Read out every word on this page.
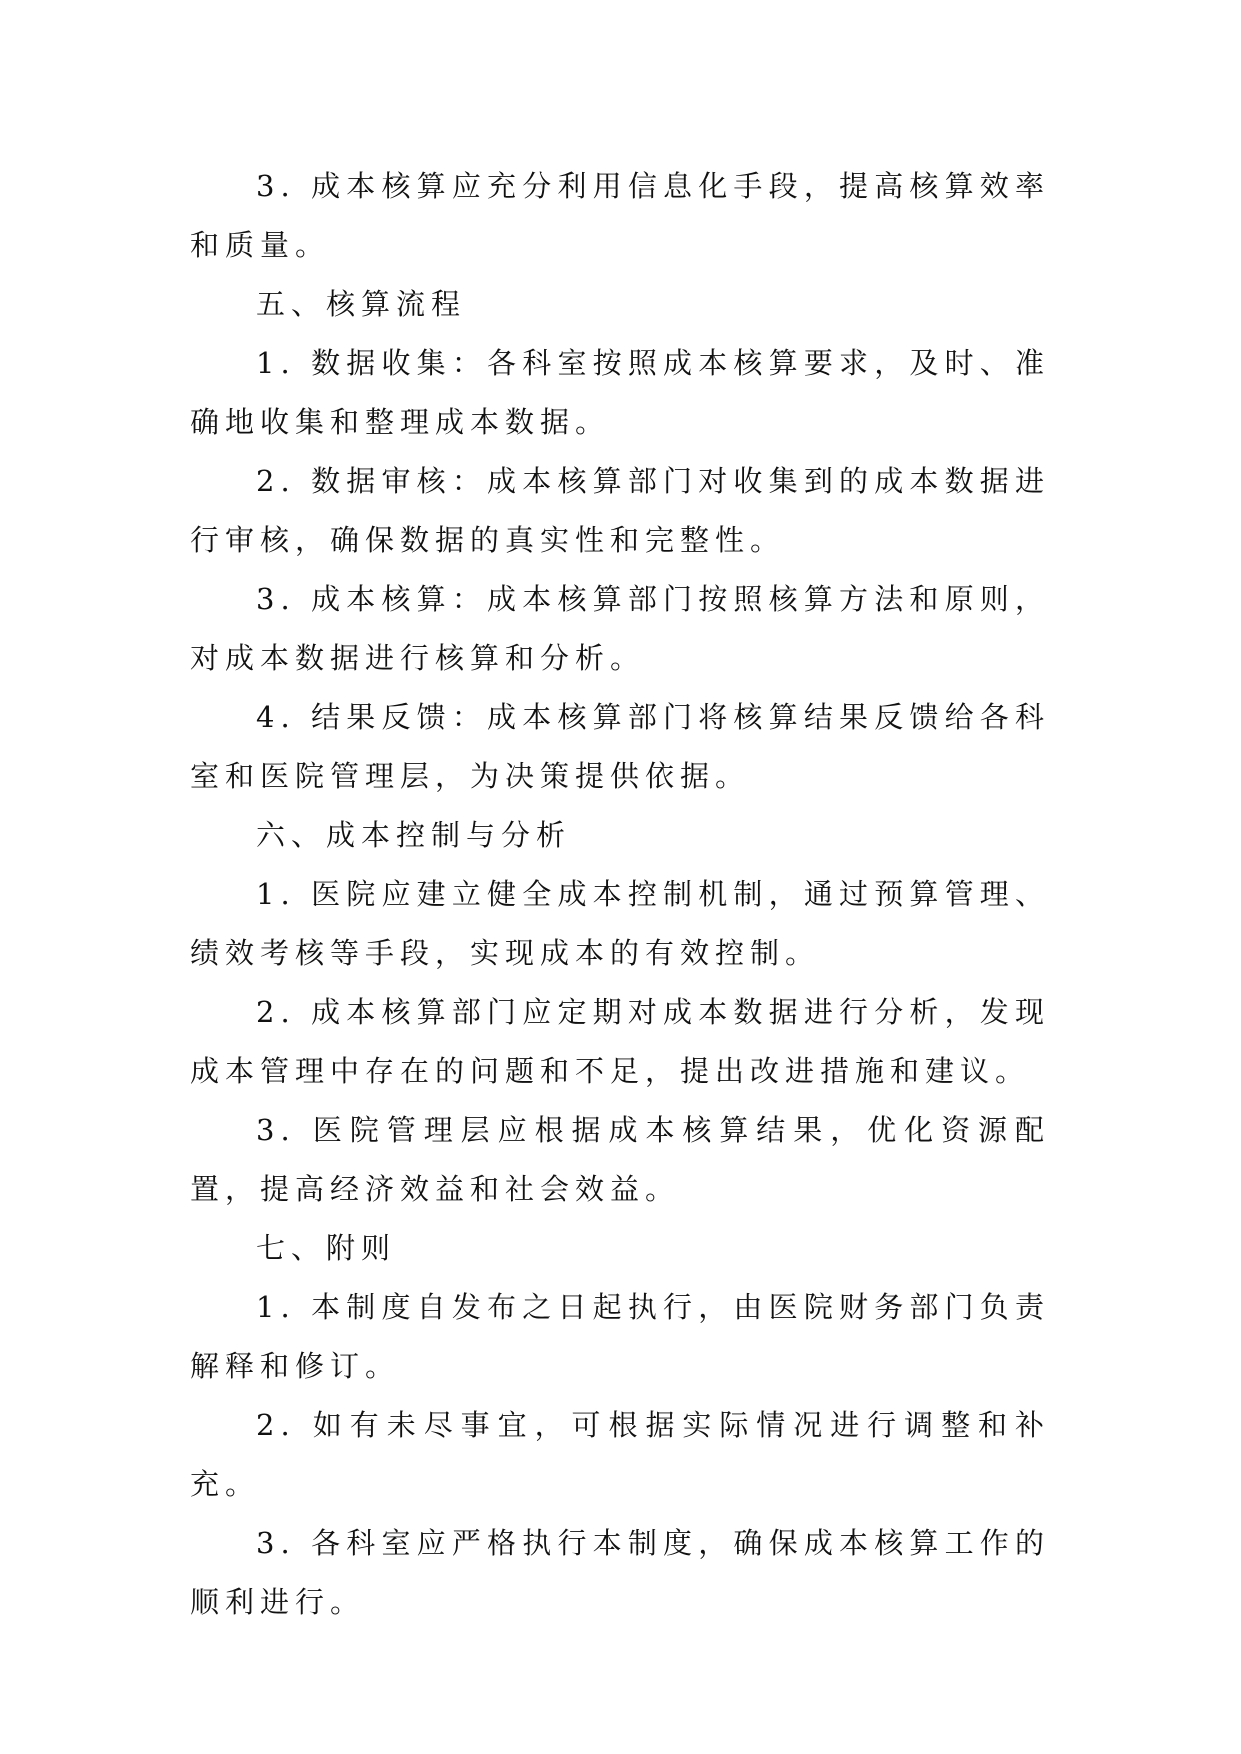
3. 成本核算应充分利用信息化手段，提高核算效率和质量。

五、核算流程

1. 数据收集：各科室按照成本核算要求，及时、准确地收集和整理成本数据。

2. 数据审核：成本核算部门对收集到的成本数据进行审核，确保数据的真实性和完整性。

3. 成本核算：成本核算部门按照核算方法和原则，对成本数据进行核算和分析。

4. 结果反馈：成本核算部门将核算结果反馈给各科室和医院管理层，为决策提供依据。

六、成本控制与分析

1. 医院应建立健全成本控制机制，通过预算管理、绩效考核等手段，实现成本的有效控制。

2. 成本核算部门应定期对成本数据进行分析，发现成本管理中存在的问题和不足，提出改进措施和建议。

3. 医院管理层应根据成本核算结果，优化资源配置，提高经济效益和社会效益。

七、附则

1. 本制度自发布之日起执行，由医院财务部门负责解释和修订。

2. 如有未尽事宜，可根据实际情况进行调整和补充。

3. 各科室应严格执行本制度，确保成本核算工作的顺利进行。
